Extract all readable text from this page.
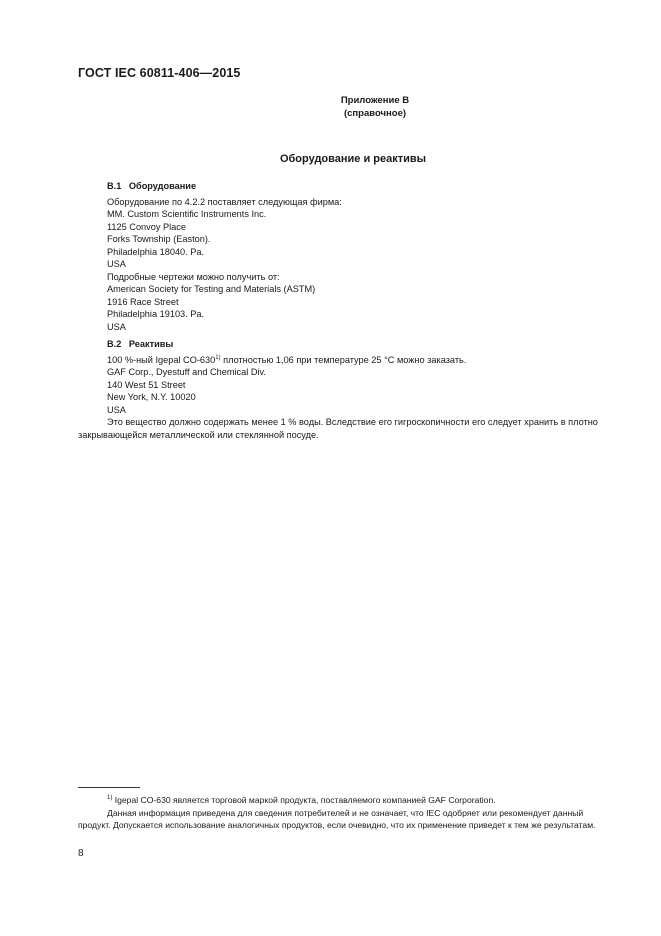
ГОСТ IEC 60811-406—2015
Приложение В
(справочное)
Оборудование и реактивы
В.1 Оборудование
Оборудование по 4.2.2 поставляет следующая фирма:
MM. Custom Scientific Instruments Inc.
1125 Convoy Place
Forks Township (Easton).
Philadelphia 18040. Pa.
USA
Подробные чертежи можно получить от:
American Society for Testing and Materials (ASTM)
1916 Race Street
Philadelphia 19103. Pa.
USA
В.2 Реактивы
100 %-ный Igepal CO-630$^{1)}$ плотностью 1,06 при температуре 25 °С можно заказать.
GAF Corp., Dyestuff and Chemical Div.
140 West 51 Street
New York, N.Y. 10020
USA
Это вещество должно содержать менее 1 % воды. Вследствие его гигроскопичности его следует хранить в плотно закрывающейся металлической или стеклянной посуде.
$^{1)}$ Igepal CO-630 является торговой маркой продукта, поставляемого компанией GAF Corporation.
Данная информация приведена для сведения потребителей и не означает, что IEC одобряет или рекомендует данный продукт. Допускается использование аналогичных продуктов, если очевидно, что их применение приведет к тем же результатам.
8
